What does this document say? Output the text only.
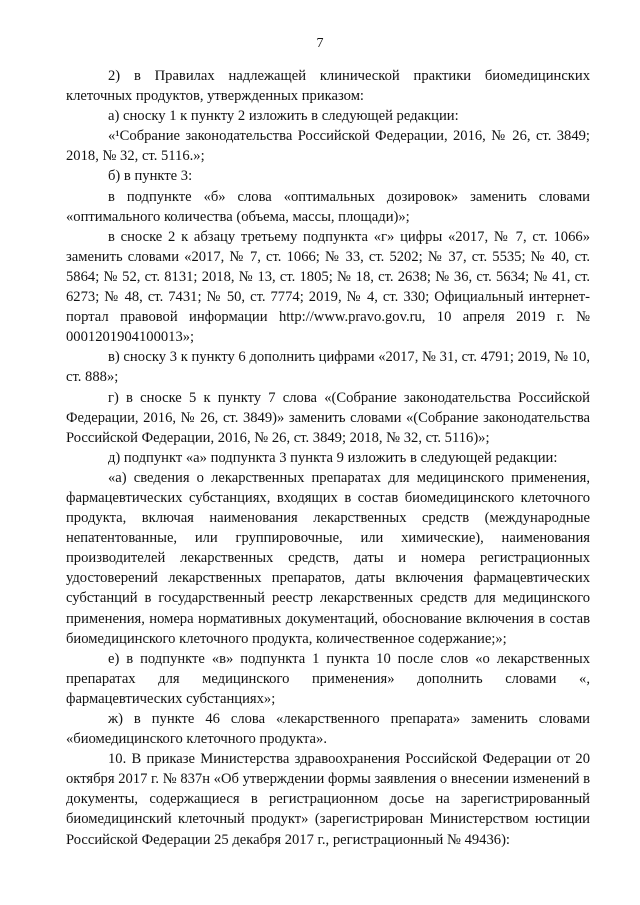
7

2) в Правилах надлежащей клинической практики биомедицинских клеточных продуктов, утвержденных приказом:

а) сноску 1 к пункту 2 изложить в следующей редакции:

«¹Собрание законодательства Российской Федерации, 2016, № 26, ст. 3849; 2018, № 32, ст. 5116.»;

б) в пункте 3:

в подпункте «б» слова «оптимальных дозировок» заменить словами «оптимального количества (объема, массы, площади)»;

в сноске 2 к абзацу третьему подпункта «г» цифры «2017, № 7, ст. 1066» заменить словами «2017, № 7, ст. 1066; № 33, ст. 5202; № 37, ст. 5535; № 40, ст. 5864; № 52, ст. 8131; 2018, № 13, ст. 1805; № 18, ст. 2638; № 36, ст. 5634; № 41, ст. 6273; № 48, ст. 7431; № 50, ст. 7774; 2019, № 4, ст. 330; Официальный интернет-портал правовой информации http://www.pravo.gov.ru, 10 апреля 2019 г. № 0001201904100013»;

в) сноску 3 к пункту 6 дополнить цифрами «2017, № 31, ст. 4791; 2019, № 10, ст. 888»;

г) в сноске 5 к пункту 7 слова «(Собрание законодательства Российской Федерации, 2016, № 26, ст. 3849)» заменить словами «(Собрание законодательства Российской Федерации, 2016, № 26, ст. 3849; 2018, № 32, ст. 5116)»;

д) подпункт «а» подпункта 3 пункта 9 изложить в следующей редакции:

«а) сведения о лекарственных препаратах для медицинского применения, фармацевтических субстанциях, входящих в состав биомедицинского клеточного продукта, включая наименования лекарственных средств (международные непатентованные, или группировочные, или химические), наименования производителей лекарственных средств, даты и номера регистрационных удостоверений лекарственных препаратов, даты включения фармацевтических субстанций в государственный реестр лекарственных средств для медицинского применения, номера нормативных документаций, обоснование включения в состав биомедицинского клеточного продукта, количественное содержание;»;

е) в подпункте «в» подпункта 1 пункта 10 после слов «о лекарственных препаратах для медицинского применения» дополнить словами «, фармацевтических субстанциях»;

ж) в пункте 46 слова «лекарственного препарата» заменить словами «биомедицинского клеточного продукта».

10. В приказе Министерства здравоохранения Российской Федерации от 20 октября 2017 г. № 837н «Об утверждении формы заявления о внесении изменений в документы, содержащиеся в регистрационном досье на зарегистрированный биомедицинский клеточный продукт» (зарегистрирован Министерством юстиции Российской Федерации 25 декабря 2017 г., регистрационный № 49436):
